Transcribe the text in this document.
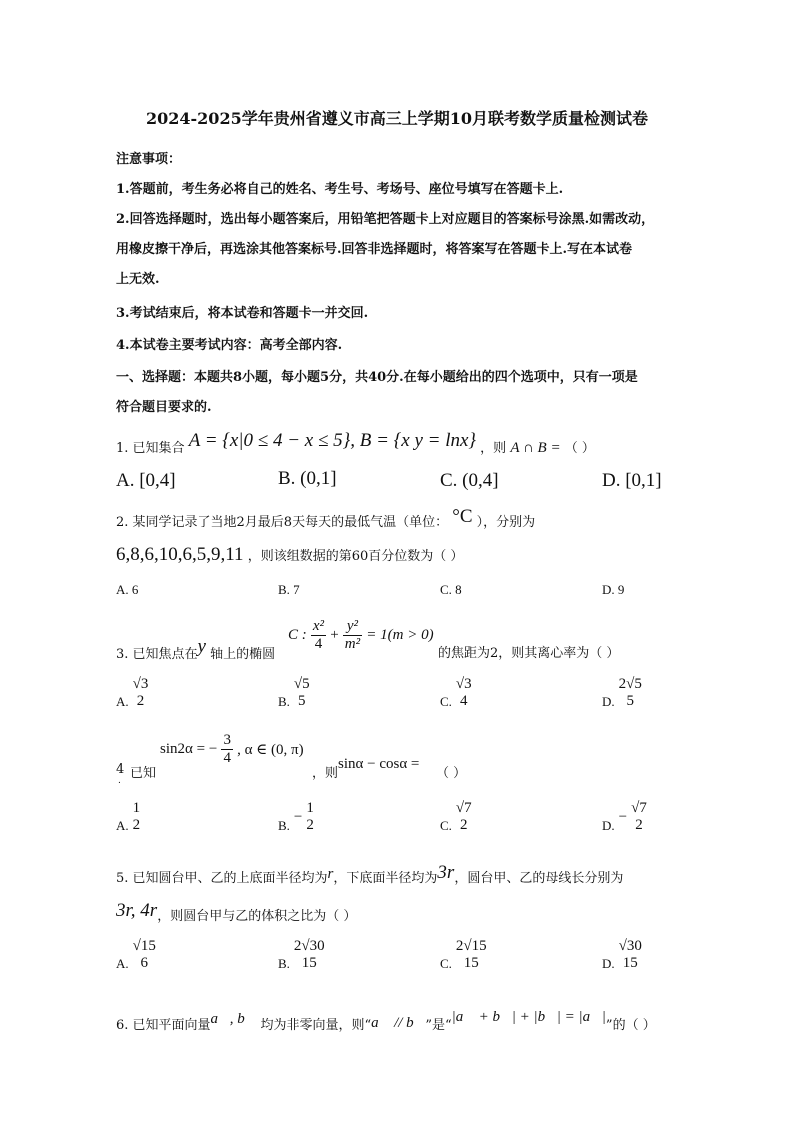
2024-2025学年贵州省遵义市高三上学期10月联考数学质量检测试卷
注意事项：
1.答题前，考生务必将自己的姓名、考生号、考场号、座位号填写在答题卡上.
2.回答选择题时，选出每小题答案后，用铅笔把答题卡上对应题目的答案标号涂黑.如需改动，
用橡皮擦干净后，再选涂其他答案标号.回答非选择题时，将答案写在答题卡上.写在本试卷
上无效.
3.考试结束后，将本试卷和答题卡一并交回.
4.本试卷主要考试内容：高考全部内容.
一、选择题：本题共8小题，每小题5分，共40分.在每小题给出的四个选项中，只有一项是
符合题目要求的.
1. 已知集合 A = {x|0 ≤ 4 − x ≤ 5}, B = {x y = lnx} ，则 A ∩ B = （ ）
A. [0,4]	B. (0,1]	C. (0,4]	D. [0,1]
2. 某同学记录了当地2月最后8天每天的最低气温（单位： °C ），分别为
6,8,6,10,6,5,9,11 ，则该组数据的第60百分位数为（ ）
A. 6	B. 7	C. 8	D. 9
3. 已知焦点在y 轴上的椭圆
C : $\frac{\text{x²}}{4} + \frac{\text{y²}}{\text{m²}} = 1(m > 0)$
的焦距为2，则其离心率为（ ）
A.
√3
2	B.
√5
5	C.
√3
4	D.
2√5
5
4
. 已知
sin2α = − $\frac{3}{4}$ , α ∈ (0, π)
，则
sinα − cosα =
（ ）
A.
1
2	B.−
1
2	C.
√7
2	D.−
√7
2
5. 已知圆台甲、乙的上底面半径均为r，下底面半径均为3r，圆台甲、乙的母线长分别为
3r, 4r，则圆台甲与乙的体积之比为（ ）
A.
√15
6	B.
2√30
15	C.
2√15
15	D.
√30
15
6. 已知平面向量a⃗, b⃗ 均为非零向量，则“a⃗ // b⃗”是“|a⃗ + b⃗| + |b⃗| = |a⃗|”的（ ）
